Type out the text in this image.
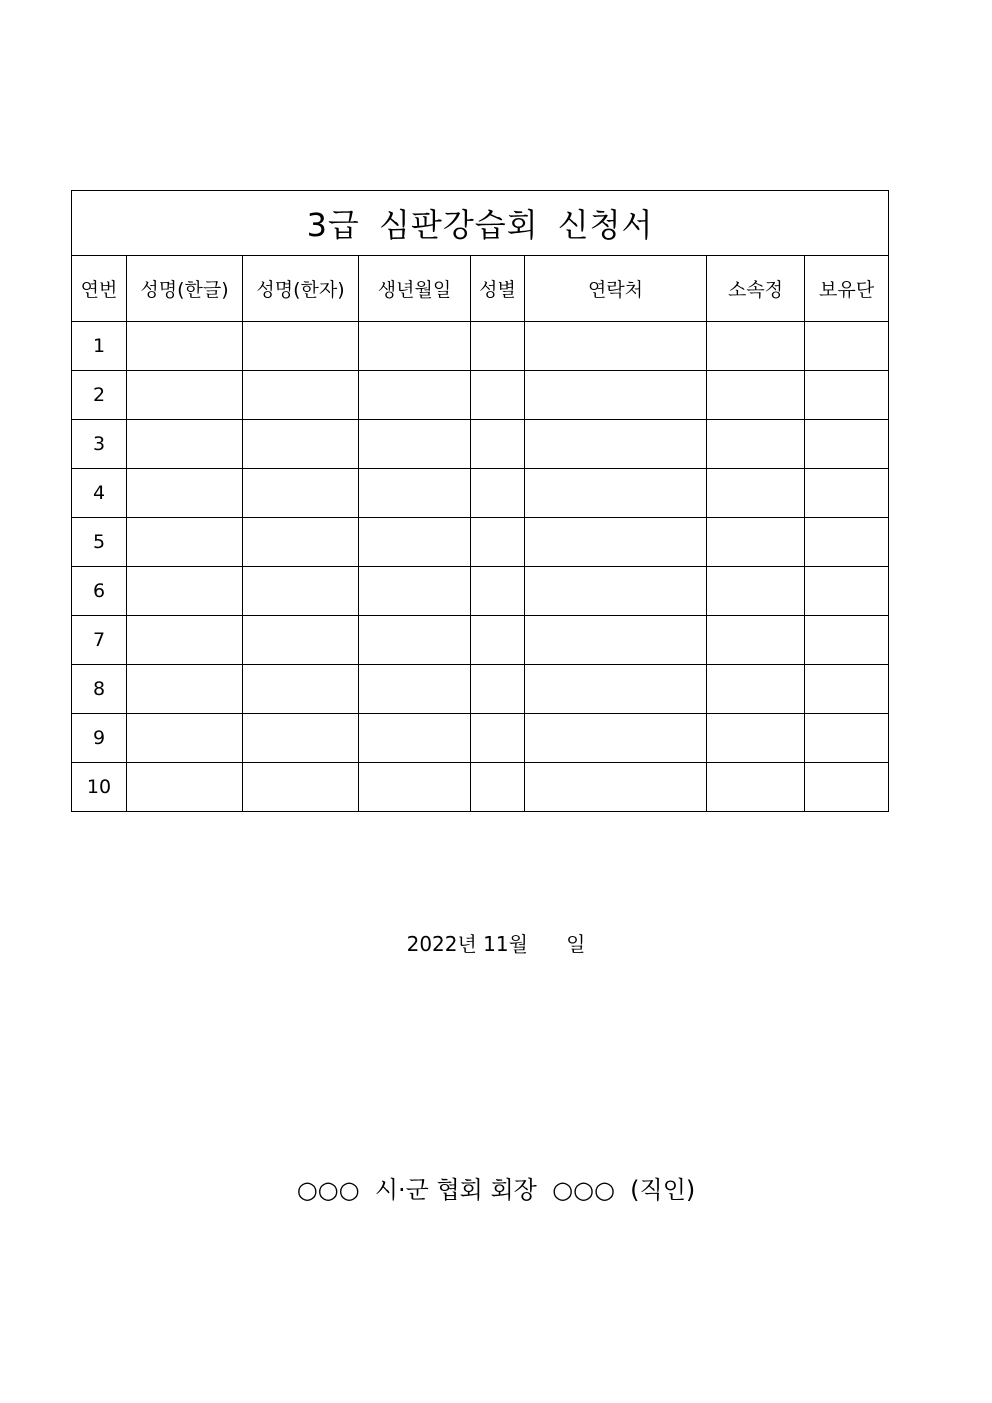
3급 심판강습회 신청서							
연번	성명(한글)	성명(한자)	생년월일	성별	연락처	소속정	보유단
1							
2							
3							
4							
5							
6							
7							
8							
9							
10							
2022년 11월      일
○○○  시·군 협회 회장  ○○○  (직인)
